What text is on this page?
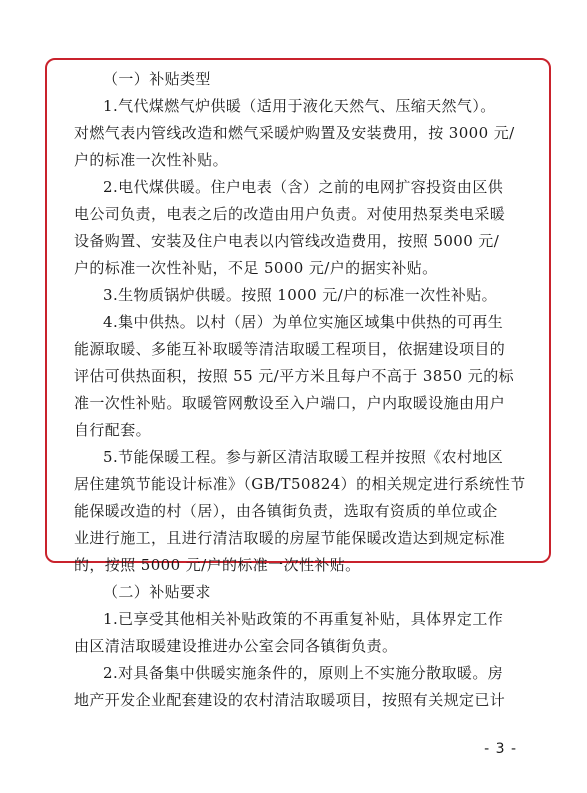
（一）补贴类型
1.气代煤燃气炉供暖（适用于液化天然气、压缩天然气）。
对燃气表内管线改造和燃气采暖炉购置及安装费用，按 3000 元/
户的标准一次性补贴。
2.电代煤供暖。住户电表（含）之前的电网扩容投资由区供
电公司负责，电表之后的改造由用户负责。对使用热泵类电采暖
设备购置、安装及住户电表以内管线改造费用，按照 5000 元/
户的标准一次性补贴，不足 5000 元/户的据实补贴。
3.生物质锅炉供暖。按照 1000 元/户的标准一次性补贴。
4.集中供热。以村（居）为单位实施区域集中供热的可再生
能源取暖、多能互补取暖等清洁取暖工程项目，依据建设项目的
评估可供热面积，按照 55 元/平方米且每户不高于 3850 元的标
准一次性补贴。取暖管网敷设至入户端口，户内取暖设施由用户
自行配套。
5.节能保暖工程。参与新区清洁取暖工程并按照《农村地区
居住建筑节能设计标准》（GB/T50824）的相关规定进行系统性节
能保暖改造的村（居），由各镇街负责，选取有资质的单位或企
业进行施工，且进行清洁取暖的房屋节能保暖改造达到规定标准
的，按照 5000 元/户的标准一次性补贴。
（二）补贴要求
1.已享受其他相关补贴政策的不再重复补贴，具体界定工作
由区清洁取暖建设推进办公室会同各镇街负责。
2.对具备集中供暖实施条件的，原则上不实施分散取暖。房
地产开发企业配套建设的农村清洁取暖项目，按照有关规定已计
- 3 -
